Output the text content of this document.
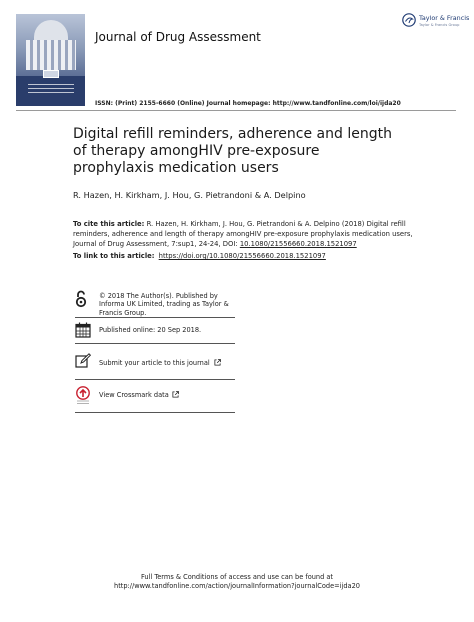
Journal of Drug Assessment
Taylor & Francis
Taylor & Francis Group
ISSN: (Print) 2155-6660 (Online) Journal homepage: http://www.tandfonline.com/loi/ijda20
Digital refill reminders, adherence and length of therapy amongHIV pre-exposure prophylaxis medication users
R. Hazen, H. Kirkham, J. Hou, G. Pietrandoni & A. Delpino
To cite this article: R. Hazen, H. Kirkham, J. Hou, G. Pietrandoni & A. Delpino (2018) Digital refill reminders, adherence and length of therapy amongHIV pre-exposure prophylaxis medication users, Journal of Drug Assessment, 7:sup1, 24-24, DOI: 10.1080/21556660.2018.1521097
To link to this article: https://doi.org/10.1080/21556660.2018.1521097
© 2018 The Author(s). Published by Informa UK Limited, trading as Taylor & Francis Group.
Published online: 20 Sep 2018.
Submit your article to this journal
View Crossmark data
Full Terms & Conditions of access and use can be found at
http://www.tandfonline.com/action/journalInformation?journalCode=ijda20
